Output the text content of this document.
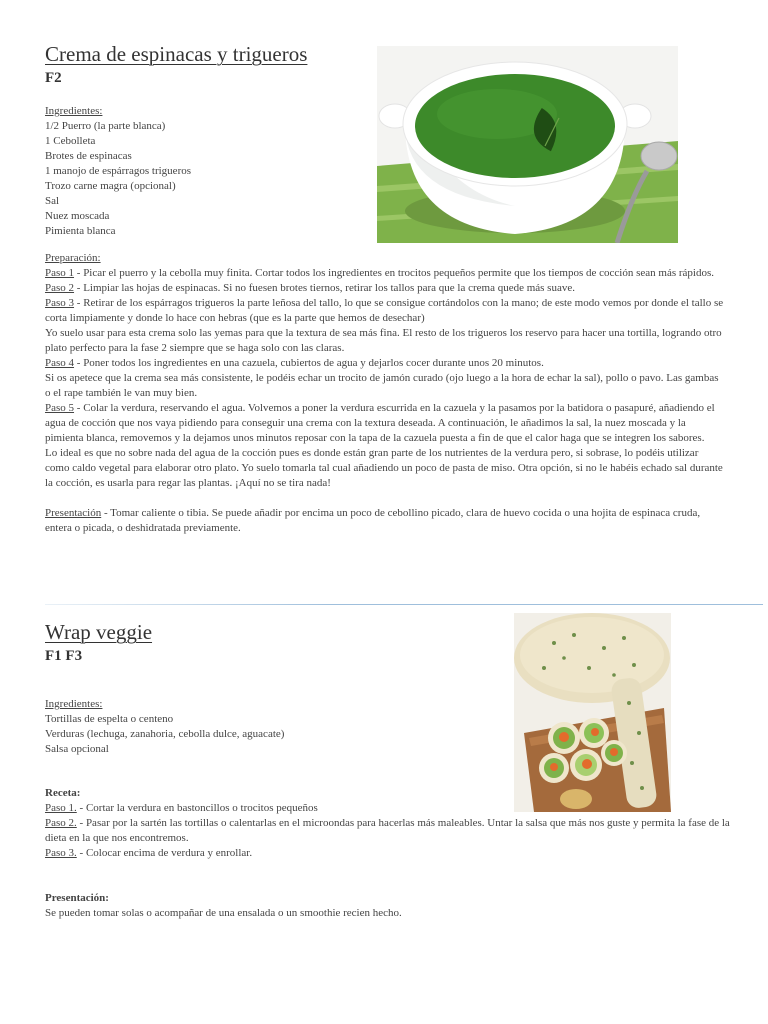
Crema de espinacas y trigueros
F2
Ingredientes:
1/2 Puerro (la parte blanca)
1 Cebolleta
Brotes de espinacas
1 manojo de espárragos trigueros
Trozo carne magra (opcional)
Sal
Nuez moscada
Pimienta blanca
Preparación:
Paso 1 - Picar el puerro y la cebolla muy finita. Cortar todos los ingredientes en trocitos pequeños permite que los tiempos de cocción sean más rápidos.
Paso 2 - Limpiar las hojas de espinacas. Si no fuesen brotes tiernos, retirar los tallos para que la crema quede más suave.
Paso 3 - Retirar de los espárragos trigueros la parte leñosa del tallo, lo que se consigue cortándolos con la mano; de este modo vemos por donde el tallo se corta limpiamente y donde lo hace con hebras (que es la parte que hemos de desechar)
Yo suelo usar para esta crema solo las yemas para que la textura de sea más fina. El resto de los trigueros los reservo para hacer una tortilla, logrando otro plato perfecto para la fase 2 siempre que se haga solo con las claras.
Paso 4 - Poner todos los ingredientes en una cazuela, cubiertos de agua y dejarlos cocer durante unos 20 minutos.
Si os apetece que la crema sea más consistente, le podéis echar un trocito de jamón curado (ojo luego a la hora de echar la sal), pollo o pavo. Las gambas o el rape también le van muy bien.
Paso 5 - Colar la verdura, reservando el agua. Volvemos a poner la verdura escurrida en la cazuela y la pasamos por la batidora o pasapuré, añadiendo el agua de cocción que nos vaya pidiendo para conseguir una crema con la textura deseada. A continuación, le añadimos la sal, la nuez moscada y la pimienta blanca, removemos y la dejamos unos minutos reposar con la tapa de la cazuela puesta a fin de que el calor haga que se integren los sabores.
Lo ideal es que no sobre nada del agua de la cocción pues es donde están gran parte de los nutrientes de la verdura pero, si sobrase, lo podéis utilizar como caldo vegetal para elaborar otro plato. Yo suelo tomarla tal cual añadiendo un poco de pasta de miso. Otra opción, si no le habéis echado sal durante la cocción, es usarla para regar las plantas. ¡Aquí no se tira nada!
Presentación - Tomar caliente o tibia. Se puede añadir por encima un poco de cebollino picado, clara de huevo cocida o una hojita de espinaca cruda, entera o picada, o deshidratada previamente.
Wrap veggie
F1 F3
Ingredientes:
Tortillas de espelta o centeno
Verduras (lechuga, zanahoria, cebolla dulce, aguacate)
Salsa opcional
Receta:
Paso 1. - Cortar la verdura en bastoncillos o trocitos pequeños
Paso 2. - Pasar por la sartén las tortillas o calentarlas en el microondas para hacerlas más maleables. Untar la salsa que más nos guste y permita la fase de la dieta en la que nos encontremos.
Paso 3. - Colocar encima de verdura y enrollar.
Presentación:
Se pueden tomar solas o acompañar de una ensalada o un smoothie recien hecho.
